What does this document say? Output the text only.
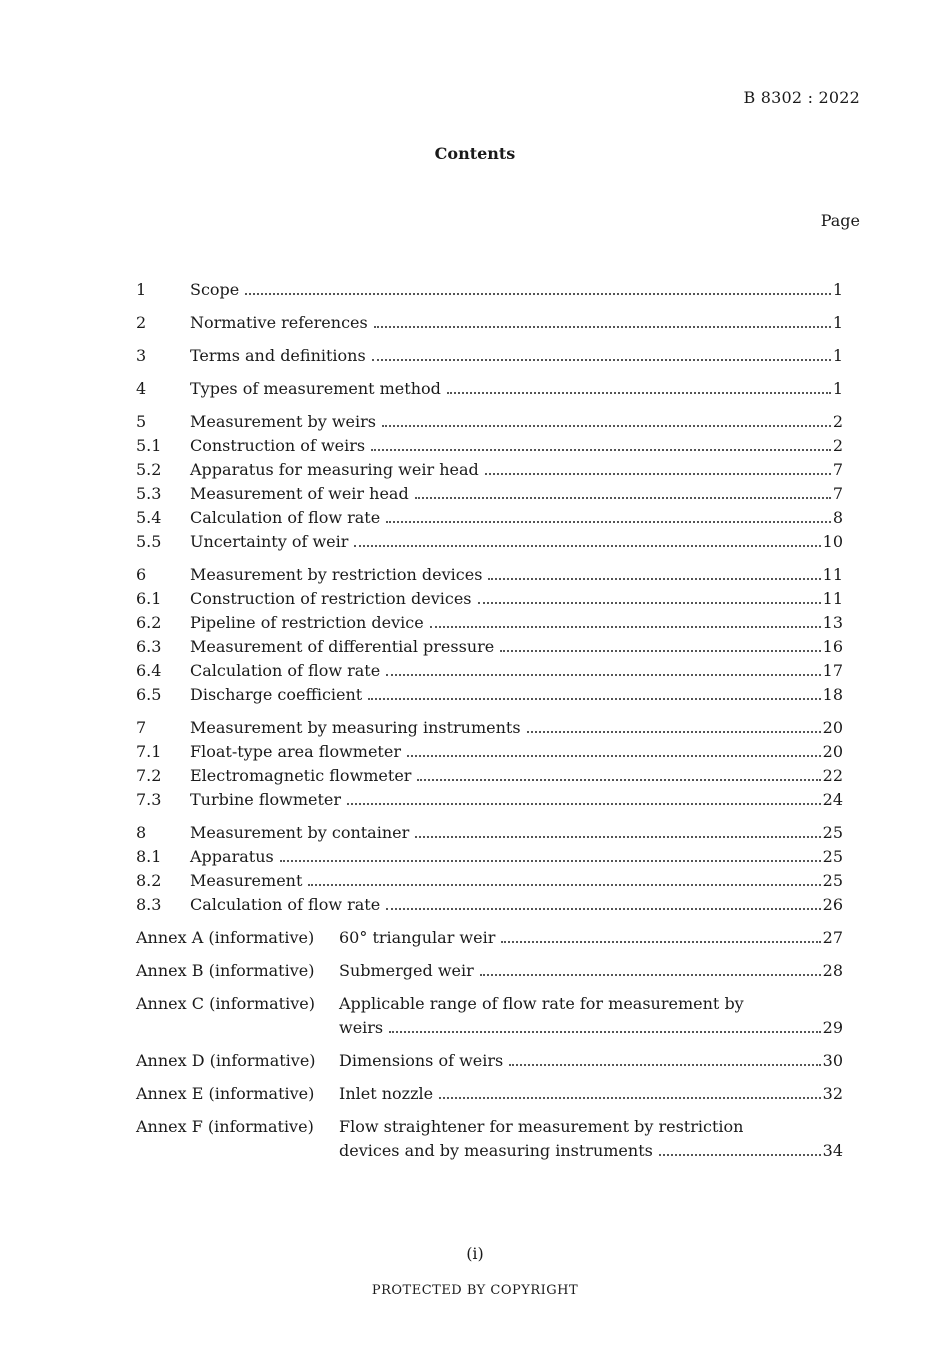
B 8302 : 2022
Contents
Page
1	Scope	1
2	Normative references	1
3	Terms and definitions	1
4	Types of measurement method	1
5	Measurement by weirs	2
5.1	Construction of weirs	2
5.2	Apparatus for measuring weir head	7
5.3	Measurement of weir head	7
5.4	Calculation of flow rate	8
5.5	Uncertainty of weir	10
6	Measurement by restriction devices	11
6.1	Construction of restriction devices	11
6.2	Pipeline of restriction device	13
6.3	Measurement of differential pressure	16
6.4	Calculation of flow rate	17
6.5	Discharge coefficient	18
7	Measurement by measuring instruments	20
7.1	Float-type area flowmeter	20
7.2	Electromagnetic flowmeter	22
7.3	Turbine flowmeter	24
8	Measurement by container	25
8.1	Apparatus	25
8.2	Measurement	25
8.3	Calculation of flow rate	26
Annex A (informative)	60° triangular weir	27
Annex B (informative)	Submerged weir	28
Annex C (informative)	Applicable range of flow rate for measurement by
weirs	29
Annex D (informative)	Dimensions of weirs	30
Annex E (informative)	Inlet nozzle	32
Annex F (informative)	Flow straightener for measurement by restriction
devices and by measuring instruments	34
(i)
PROTECTED BY COPYRIGHT
